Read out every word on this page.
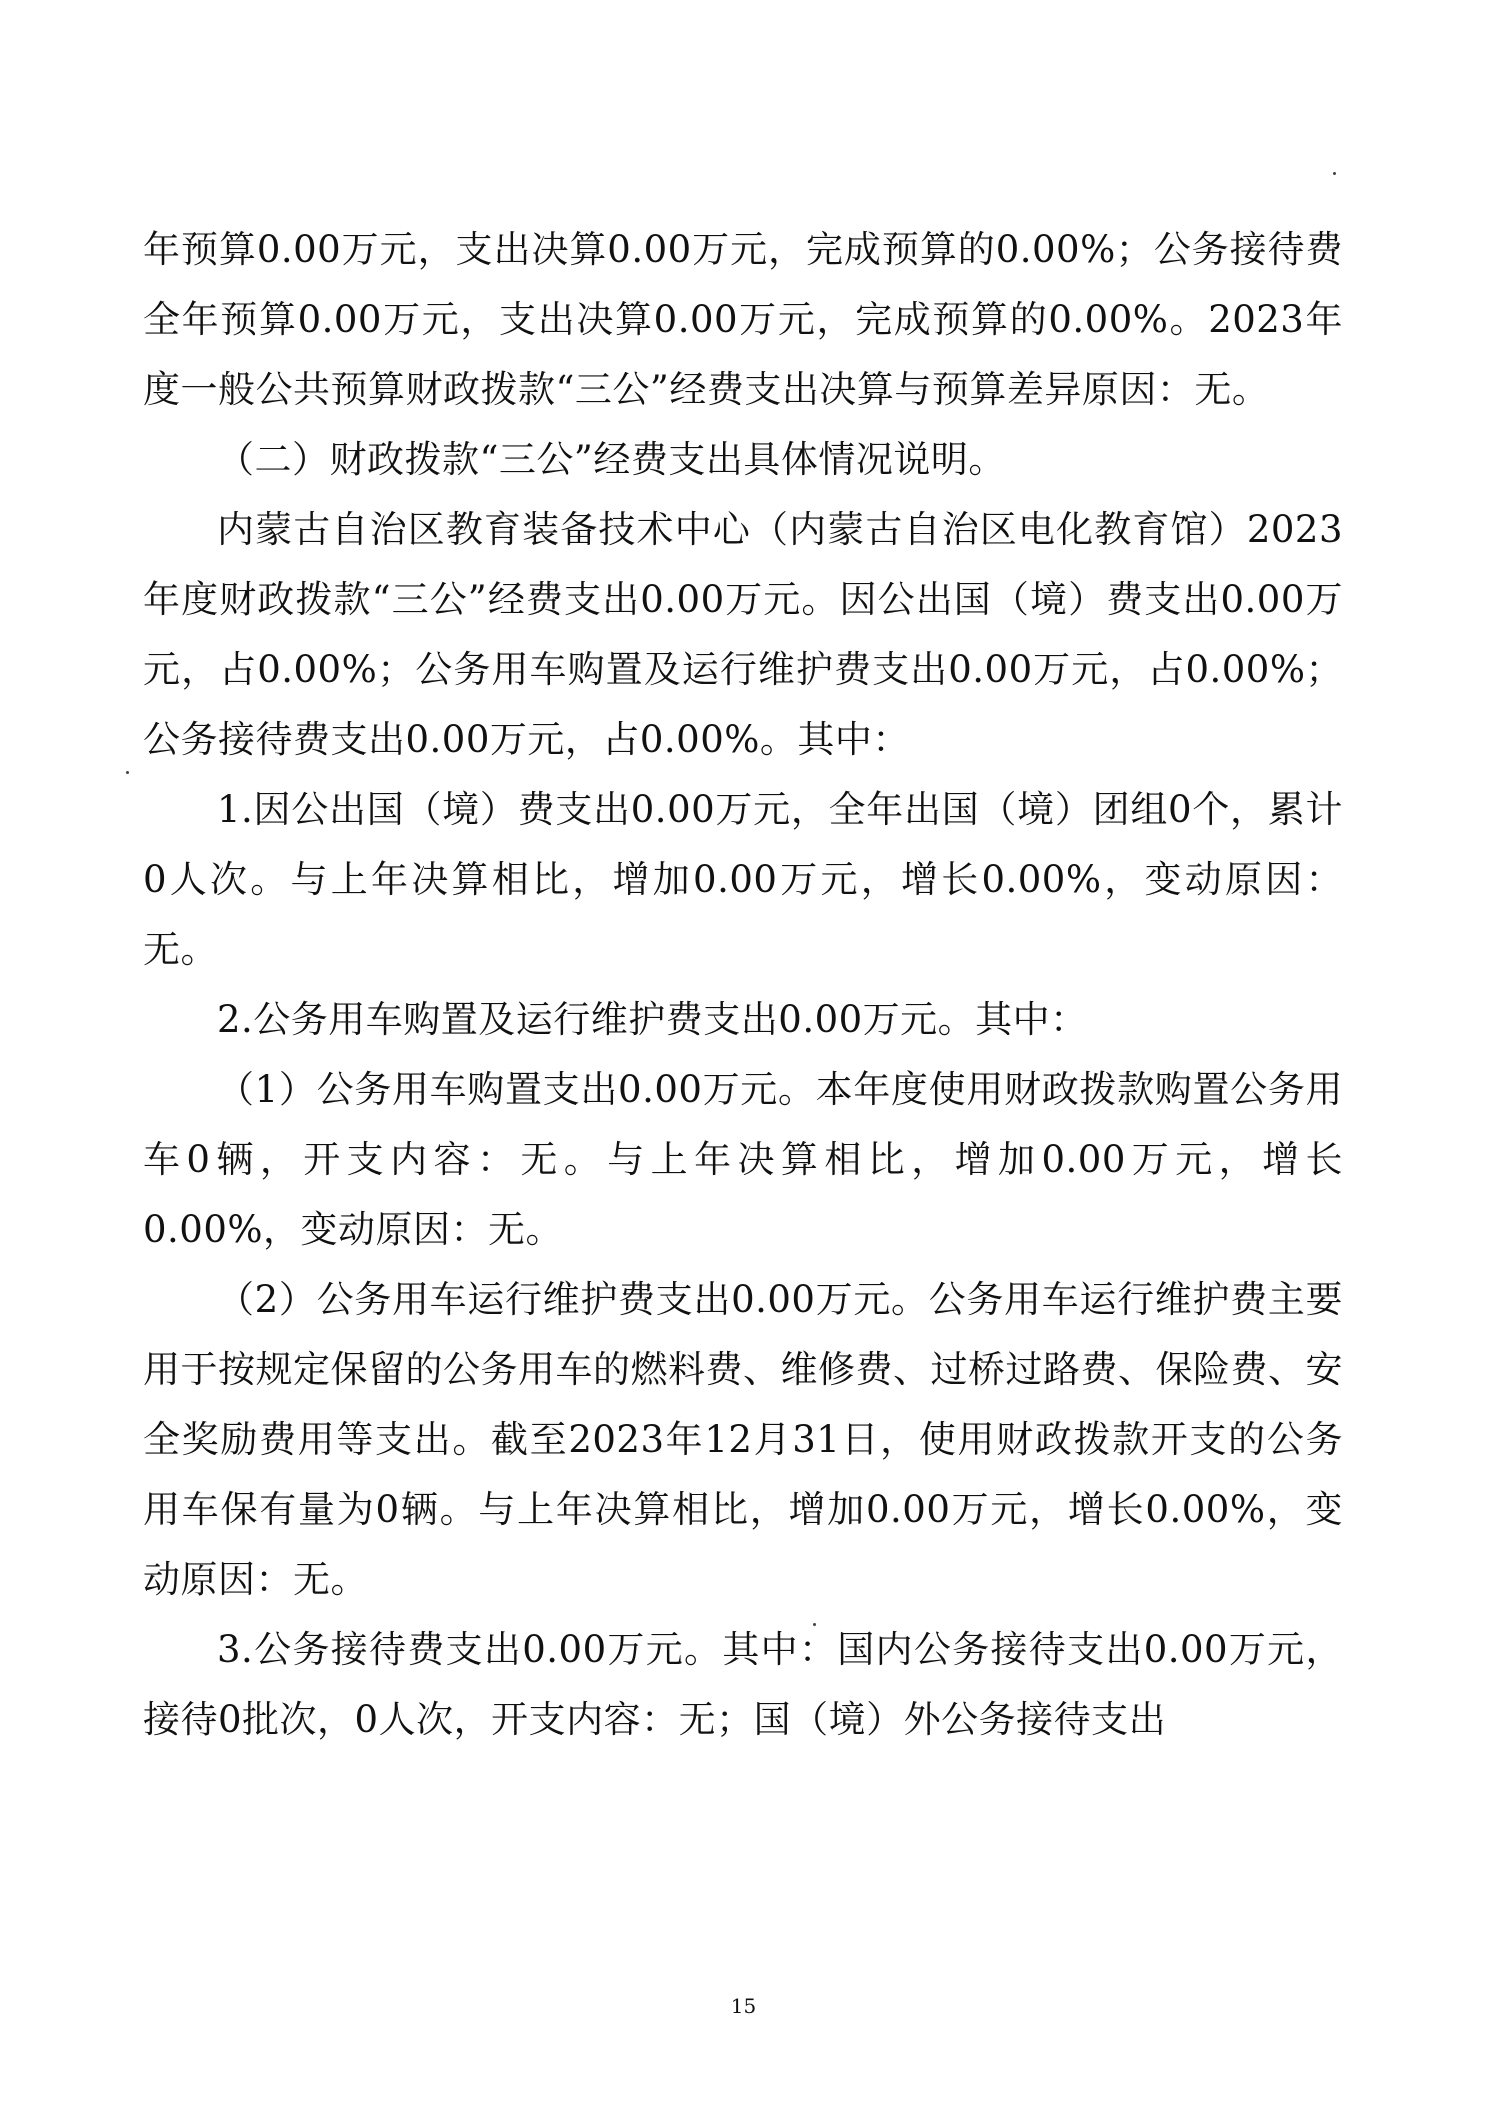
年预算0.00万元，支出决算0.00万元，完成预算的0.00%；公务接待费全年预算0.00万元，支出决算0.00万元，完成预算的0.00%。2023年度一般公共预算财政拨款“三公”经费支出决算与预算差异原因：无。

（二）财政拨款“三公”经费支出具体情况说明。

内蒙古自治区教育装备技术中心（内蒙古自治区电化教育馆）2023年度财政拨款“三公”经费支出0.00万元。因公出国（境）费支出0.00万元，占0.00%；公务用车购置及运行维护费支出0.00万元，占0.00%；公务接待费支出0.00万元，占0.00%。其中：

1.因公出国（境）费支出0.00万元，全年出国（境）团组0个，累计0人次。与上年决算相比，增加0.00万元，增长0.00%，变动原因：无。

2.公务用车购置及运行维护费支出0.00万元。其中：

（1）公务用车购置支出0.00万元。本年度使用财政拨款购置公务用车0辆，开支内容：无。与上年决算相比，增加0.00万元，增长0.00%，变动原因：无。

（2）公务用车运行维护费支出0.00万元。公务用车运行维护费主要用于按规定保留的公务用车的燃料费、维修费、过桥过路费、保险费、安全奖励费用等支出。截至2023年12月31日，使用财政拨款开支的公务用车保有量为0辆。与上年决算相比，增加0.00万元，增长0.00%，变动原因：无。

3.公务接待费支出0.00万元。其中：国内公务接待支出0.00万元，接待0批次，0人次，开支内容：无；国（境）外公务接待支出

15
